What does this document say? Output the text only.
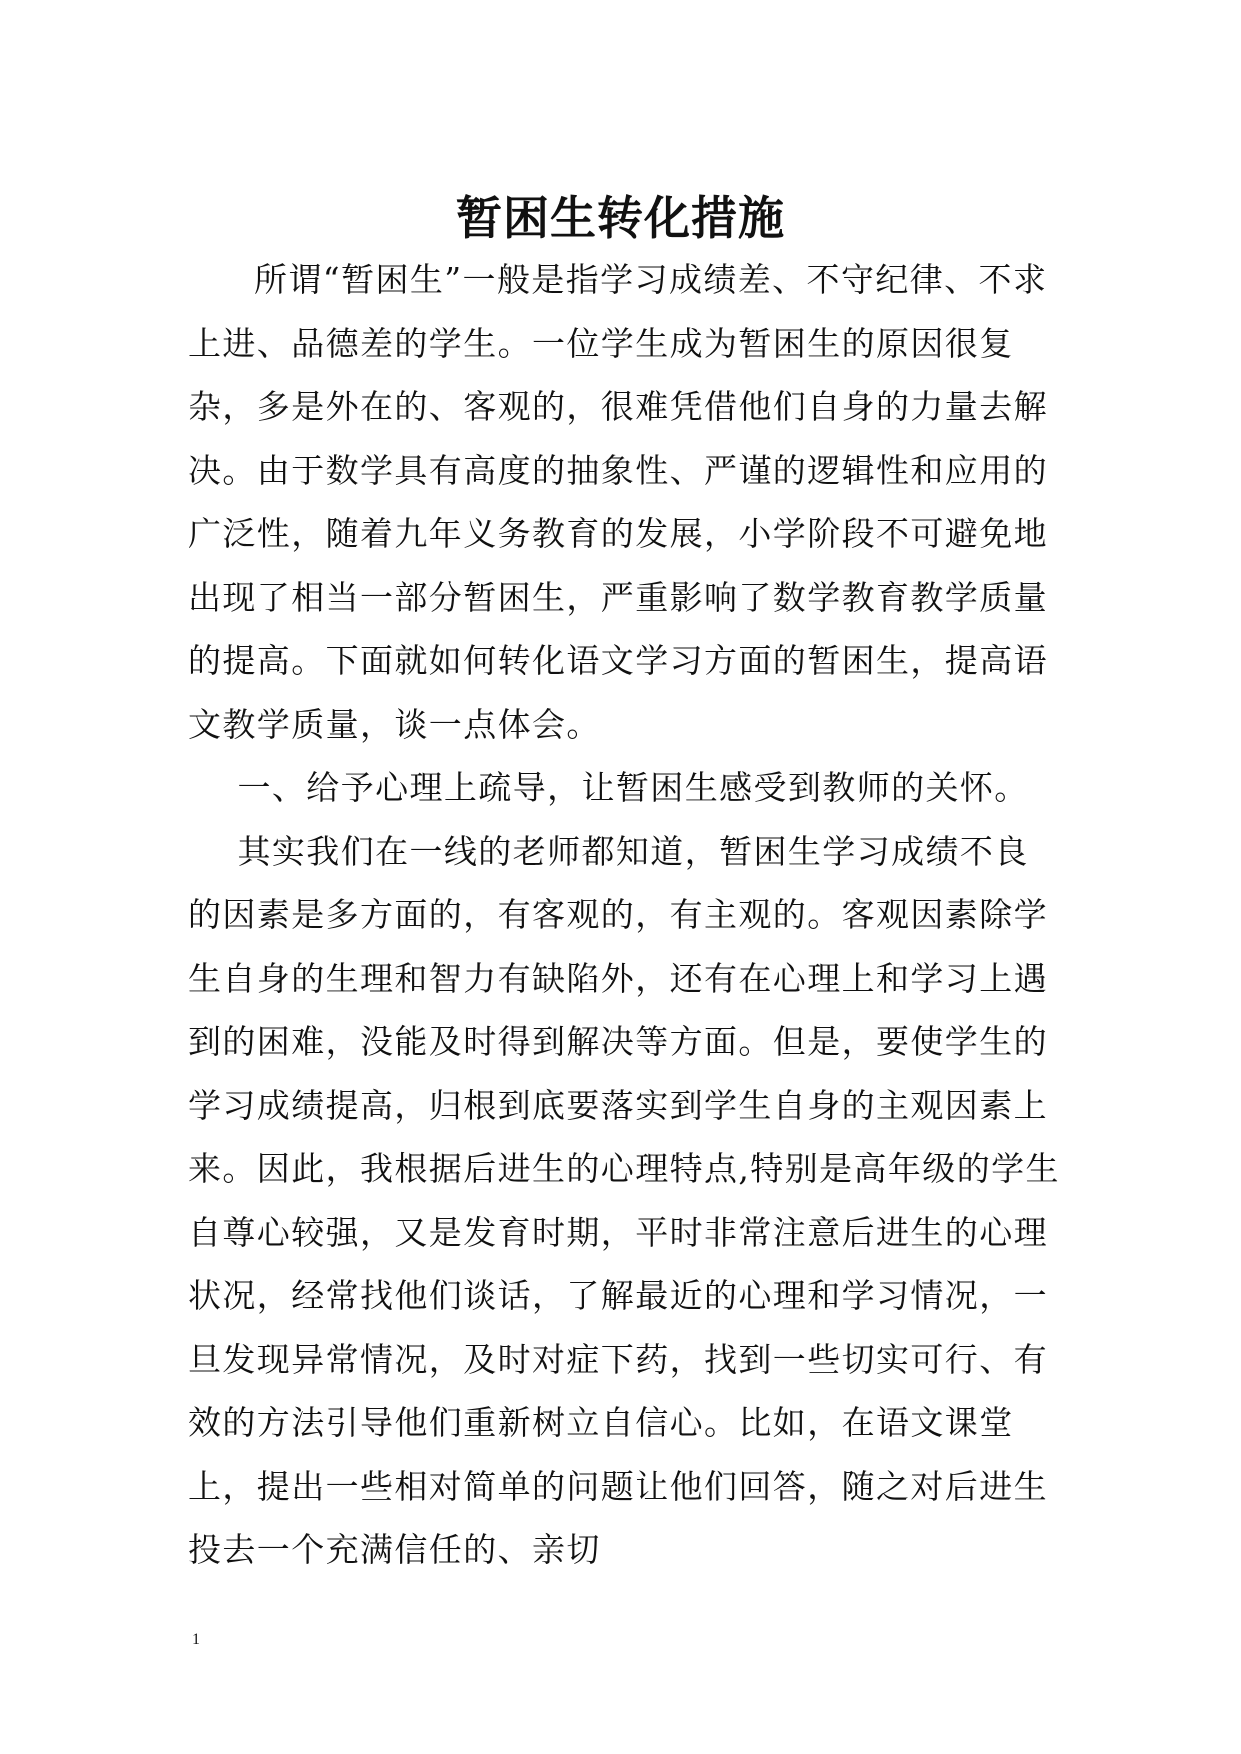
暂困生转化措施

所谓“暂困生”一般是指学习成绩差、不守纪律、不求上进、品德差的学生。一位学生成为暂困生的原因很复杂，多是外在的、客观的，很难凭借他们自身的力量去解决。由于数学具有高度的抽象性、严谨的逻辑性和应用的广泛性，随着九年义务教育的发展，小学阶段不可避免地出现了相当一部分暂困生，严重影响了数学教育教学质量的提高。下面就如何转化语文学习方面的暂困生，提高语文教学质量，谈一点体会。

一、给予心理上疏导，让暂困生感受到教师的关怀。

其实我们在一线的老师都知道，暂困生学习成绩不良的因素是多方面的，有客观的，有主观的。客观因素除学生自身的生理和智力有缺陷外，还有在心理上和学习上遇到的困难，没能及时得到解决等方面。但是，要使学生的学习成绩提高，归根到底要落实到学生自身的主观因素上来。因此，我根据后进生的心理特点,特别是高年级的学生自尊心较强，又是发育时期，平时非常注意后进生的心理状况，经常找他们谈话，了解最近的心理和学习情况，一旦发现异常情况，及时对症下药，找到一些切实可行、有效的方法引导他们重新树立自信心。比如，在语文课堂上，提出一些相对简单的问题让他们回答，随之对后进生投去一个充满信任的、亲切

1
